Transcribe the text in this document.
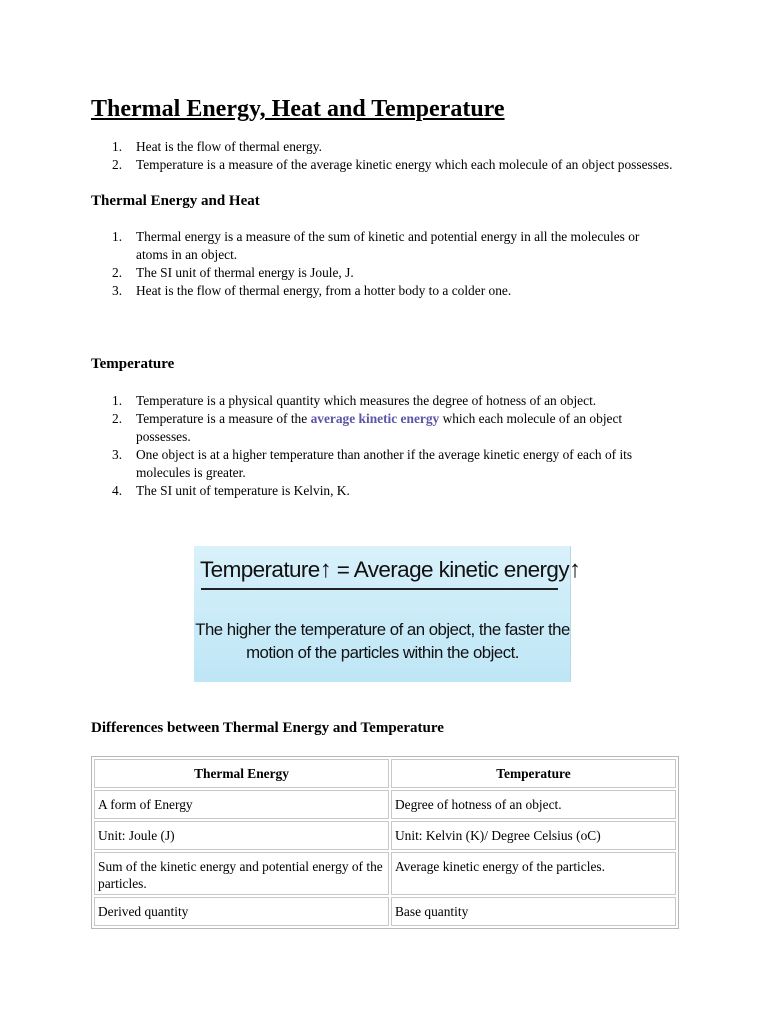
Thermal Energy, Heat and Temperature
Heat is the flow of thermal energy.
Temperature is a measure of the average kinetic energy which each molecule of an object possesses.
Thermal Energy and Heat
Thermal energy is a measure of the sum of kinetic and potential energy in all the molecules or atoms in an object.
The SI unit of thermal energy is Joule, J.
Heat is the flow of thermal energy, from a hotter body to a colder one.
Temperature
Temperature is a physical quantity which measures the degree of hotness of an object.
Temperature is a measure of the average kinetic energy which each molecule of an object possesses.
One object is at a higher temperature than another if the average kinetic energy of each of its molecules is greater.
The SI unit of temperature is Kelvin, K.
Temperature↑ = Average kinetic energy↑
The higher the temperature of an object, the faster the
motion of the particles within the object.
Differences between Thermal Energy and Temperature
Thermal Energy	Temperature
A form of Energy	Degree of hotness of an object.
Unit: Joule (J)	Unit: Kelvin (K)/ Degree Celsius (oC)
Sum of the kinetic energy and potential energy of the particles.	Average kinetic energy of the particles.
Derived quantity	Base quantity
